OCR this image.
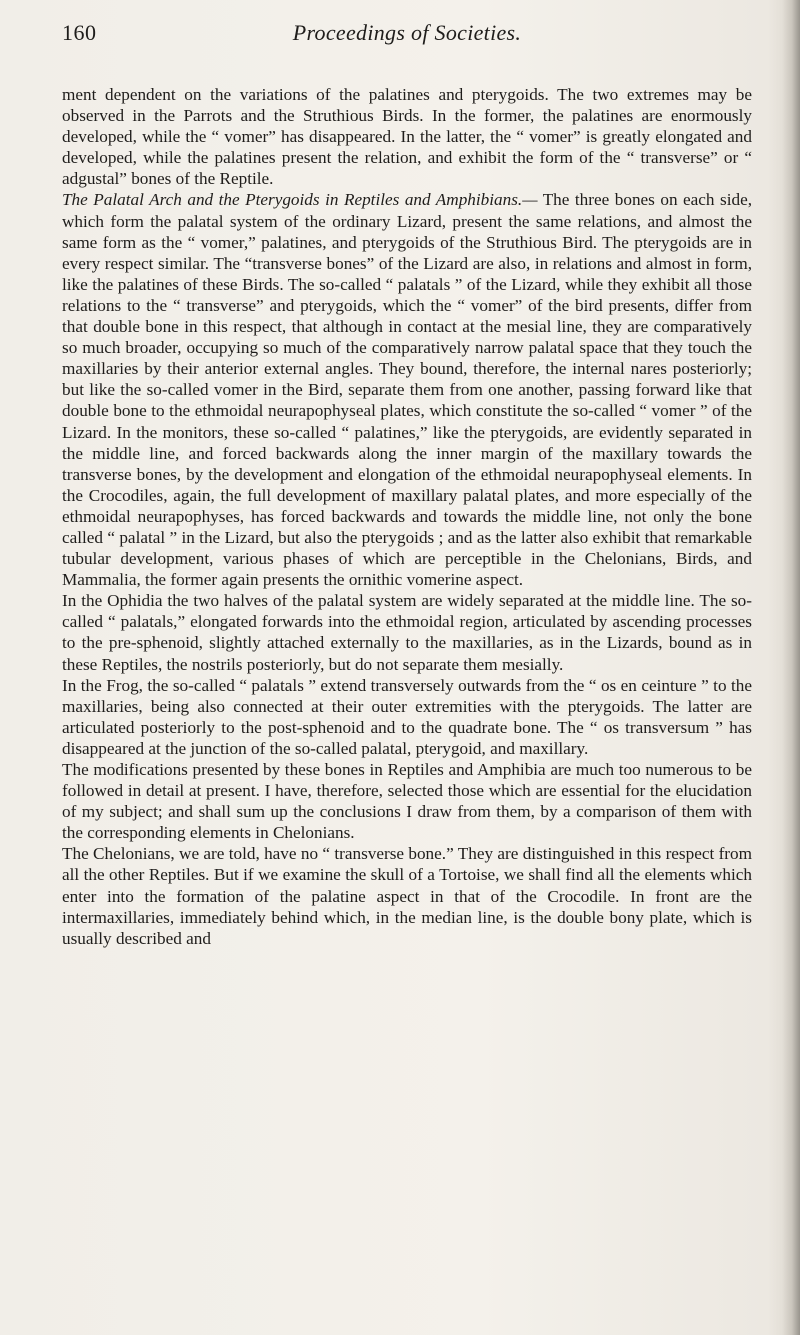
160	Proceedings of Societies.

ment dependent on the variations of the palatines and pterygoids. The two extremes may be observed in the Parrots and the Struthious Birds. In the former, the palatines are enormously developed, while the “ vomer” has disappeared. In the latter, the “ vomer” is greatly elongated and developed, while the palatines present the relation, and exhibit the form of the “ transverse” or “ adgustal” bones of the Reptile.

The Palatal Arch and the Pterygoids in Reptiles and Amphibians.— The three bones on each side, which form the palatal system of the ordinary Lizard, present the same relations, and almost the same form as the “ vomer,” palatines, and pterygoids of the Struthious Bird. The pterygoids are in every respect similar. The “transverse bones” of the Lizard are also, in relations and almost in form, like the palatines of these Birds. The so-called “ palatals ” of the Lizard, while they exhibit all those relations to the “ transverse” and pterygoids, which the “ vomer” of the bird presents, differ from that double bone in this respect, that although in contact at the mesial line, they are comparatively so much broader, occupying so much of the comparatively narrow palatal space that they touch the maxillaries by their anterior external angles. They bound, therefore, the internal nares posteriorly; but like the so-called vomer in the Bird, separate them from one another, passing forward like that double bone to the ethmoidal neurapophyseal plates, which constitute the so-called “ vomer ” of the Lizard. In the monitors, these so-called “ palatines,” like the pterygoids, are evidently separated in the middle line, and forced backwards along the inner margin of the maxillary towards the transverse bones, by the development and elongation of the ethmoidal neurapophyseal elements. In the Crocodiles, again, the full development of maxillary palatal plates, and more especially of the ethmoidal neurapophyses, has forced backwards and towards the middle line, not only the bone called “ palatal ” in the Lizard, but also the pterygoids ; and as the latter also exhibit that remarkable tubular development, various phases of which are perceptible in the Chelonians, Birds, and Mammalia, the former again presents the ornithic vomerine aspect.

In the Ophidia the two halves of the palatal system are widely separated at the middle line. The so-called “ palatals,” elongated forwards into the ethmoidal region, articulated by ascending processes to the pre-sphenoid, slightly attached externally to the maxillaries, as in the Lizards, bound as in these Reptiles, the nostrils posteriorly, but do not separate them mesially.

In the Frog, the so-called “ palatals ” extend transversely outwards from the “ os en ceinture ” to the maxillaries, being also connected at their outer extremities with the pterygoids. The latter are articulated posteriorly to the post-sphenoid and to the quadrate bone. The “ os transversum ” has disappeared at the junction of the so-called palatal, pterygoid, and maxillary.

The modifications presented by these bones in Reptiles and Amphibia are much too numerous to be followed in detail at present. I have, therefore, selected those which are essential for the elucidation of my subject; and shall sum up the conclusions I draw from them, by a comparison of them with the corresponding elements in Chelonians.

The Chelonians, we are told, have no “ transverse bone.” They are distinguished in this respect from all the other Reptiles. But if we examine the skull of a Tortoise, we shall find all the elements which enter into the formation of the palatine aspect in that of the Crocodile. In front are the intermaxillaries, immediately behind which, in the median line, is the double bony plate, which is usually described and
